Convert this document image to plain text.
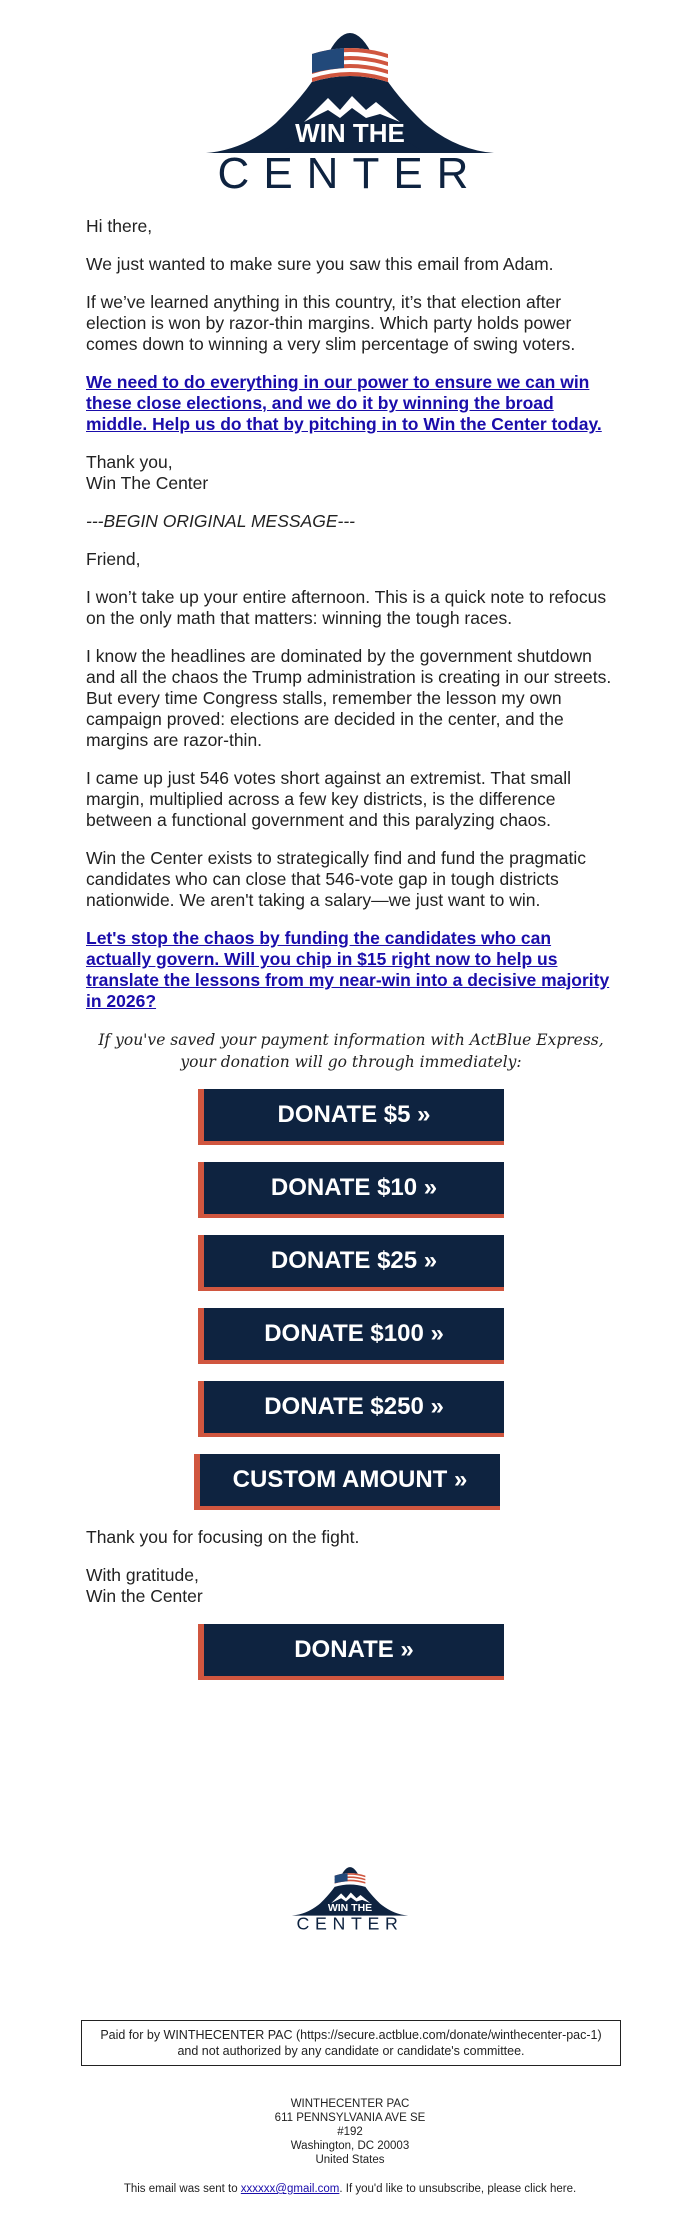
WIN THE
CENTER

Hi there,

We just wanted to make sure you saw this email from Adam.

If we’ve learned anything in this country, it’s that election after election is won by razor-thin margins. Which party holds power comes down to winning a very slim percentage of swing voters.

We need to do everything in our power to ensure we can win these close elections, and we do it by winning the broad middle. Help us do that by pitching in to Win the Center today.

Thank you,
Win The Center

---BEGIN ORIGINAL MESSAGE---

Friend,

I won’t take up your entire afternoon. This is a quick note to refocus on the only math that matters: winning the tough races.

I know the headlines are dominated by the government shutdown and all the chaos the Trump administration is creating in our streets. But every time Congress stalls, remember the lesson my own campaign proved: elections are decided in the center, and the margins are razor-thin.

I came up just 546 votes short against an extremist. That small margin, multiplied across a few key districts, is the difference between a functional government and this paralyzing chaos.

Win the Center exists to strategically find and fund the pragmatic candidates who can close that 546-vote gap in tough districts nationwide. We aren't taking a salary—we just want to win.

Let's stop the chaos by funding the candidates who can actually govern. Will you chip in $15 right now to help us translate the lessons from my near-win into a decisive majority in 2026?
If you've saved your payment information with ActBlue Express, your donation will go through immediately:
DONATE $5 »
DONATE $10 »
DONATE $25 »
DONATE $100 »
DONATE $250 »
CUSTOM AMOUNT »

Thank you for focusing on the fight.

With gratitude,
Win the Center

DONATE »
WIN THE
CENTER
Paid for by WINTHECENTER PAC (https://secure.actblue.com/donate/winthecenter-pac-1) and not authorized by any candidate or candidate's committee.
WINTHECENTER PAC
611 PENNSYLVANIA AVE SE
#192
Washington, DC 20003
United States
This email was sent to xxxxxx@gmail.com. If you'd like to unsubscribe, please click here.
